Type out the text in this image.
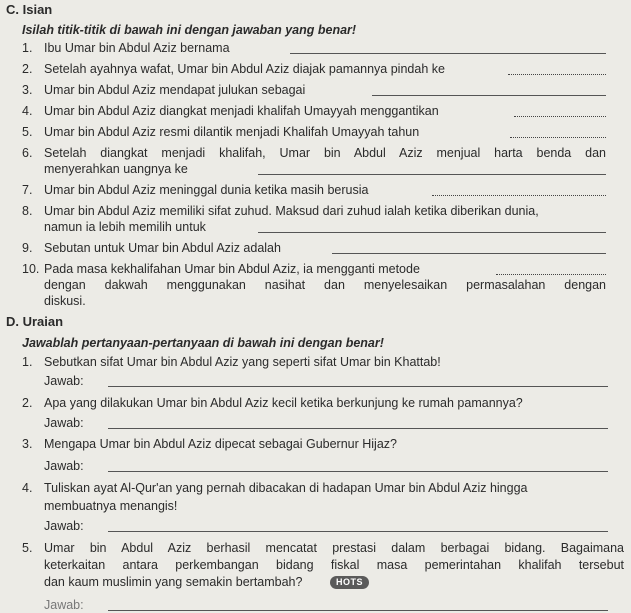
C. Isian
Isilah titik-titik di bawah ini dengan jawaban yang benar!
1. Ibu Umar bin Abdul Aziz bernama
2. Setelah ayahnya wafat, Umar bin Abdul Aziz diajak pamannya pindah ke
3. Umar bin Abdul Aziz mendapat julukan sebagai
4. Umar bin Abdul Aziz diangkat menjadi khalifah Umayyah menggantikan
5. Umar bin Abdul Aziz resmi dilantik menjadi Khalifah Umayyah tahun
6. Setelah diangkat menjadi khalifah, Umar bin Abdul Aziz menjual harta benda dan
menyerahkan uangnya ke
7. Umar bin Abdul Aziz meninggal dunia ketika masih berusia
8. Umar bin Abdul Aziz memiliki sifat zuhud. Maksud dari zuhud ialah ketika diberikan dunia,
namun ia lebih memilih untuk
9. Sebutan untuk Umar bin Abdul Aziz adalah
10. Pada masa kekhalifahan Umar bin Abdul Aziz, ia mengganti metode
dengan dakwah menggunakan nasihat dan menyelesaikan permasalahan dengan
diskusi.
D. Uraian
Jawablah pertanyaan-pertanyaan di bawah ini dengan benar!
1. Sebutkan sifat Umar bin Abdul Aziz yang seperti sifat Umar bin Khattab!
Jawab:
2. Apa yang dilakukan Umar bin Abdul Aziz kecil ketika berkunjung ke rumah pamannya?
Jawab:
3. Mengapa Umar bin Abdul Aziz dipecat sebagai Gubernur Hijaz?
Jawab:
4. Tuliskan ayat Al-Qur'an yang pernah dibacakan di hadapan Umar bin Abdul Aziz hingga
membuatnya menangis!
Jawab:
5. Umar bin Abdul Aziz berhasil mencatat prestasi dalam berbagai bidang. Bagaimana
keterkaitan antara perkembangan bidang fiskal masa pemerintahan khalifah tersebut
dan kaum muslimin yang semakin bertambah?	HOTS
Jawab:
